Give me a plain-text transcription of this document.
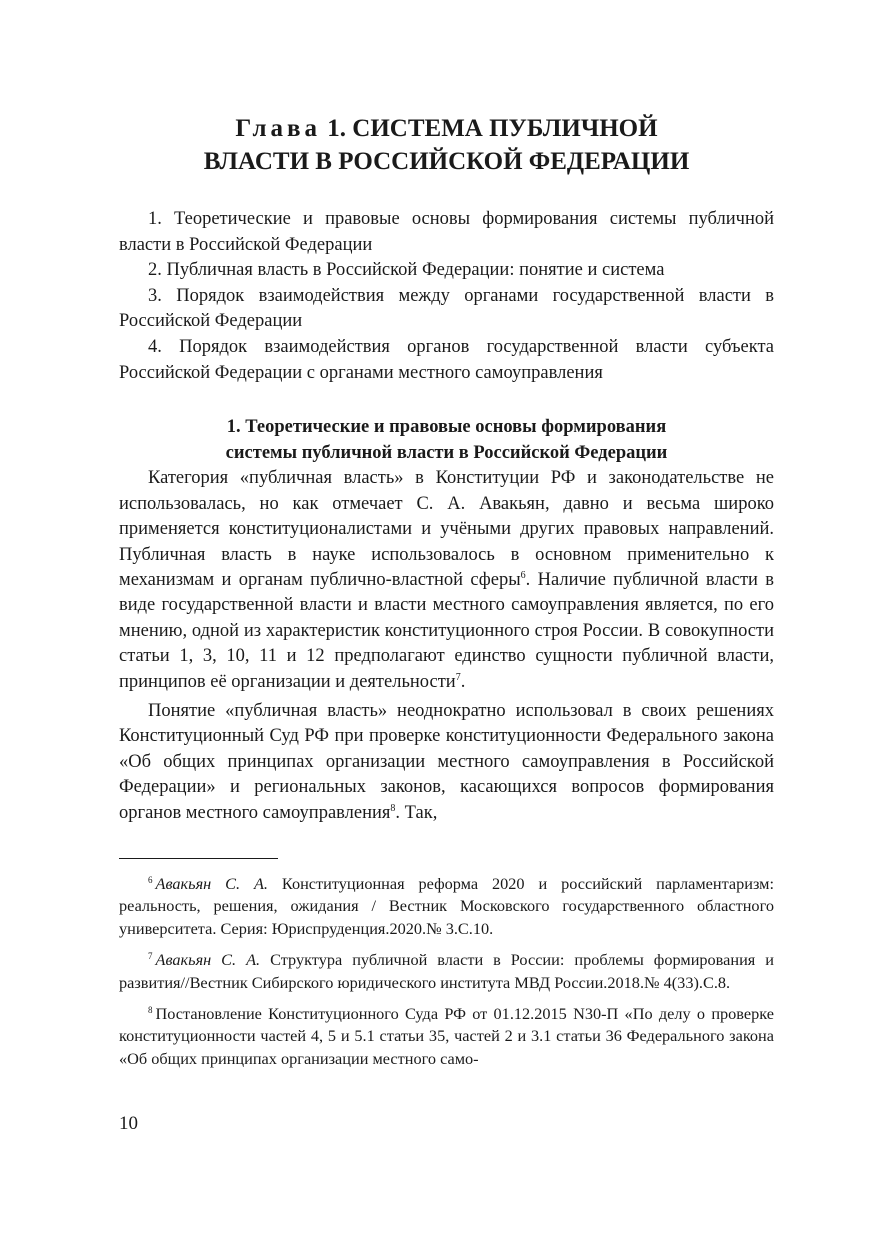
Глава 1. СИСТЕМА ПУБЛИЧНОЙ
ВЛАСТИ В РОССИЙСКОЙ ФЕДЕРАЦИИ

1. Теоретические и правовые основы формирования системы публичной власти в Российской Федерации

2. Публичная власть в Российской Федерации: понятие и система

3. Порядок взаимодействия между органами государственной власти в Российской Федерации

4. Порядок взаимодействия органов государственной власти субъекта Российской Федерации с органами местного самоуправления

1. Теоретические и правовые основы формирования
системы публичной власти в Российской Федерации

Категория «публичная власть» в Конституции РФ и законодательстве не использовалась, но как отмечает С. А. Авакьян, давно и весьма широко применяется конституционалистами и учёными других правовых направлений. Публичная власть в науке использовалось в основном применительно к механизмам и органам публично-властной сферы$^6$. Наличие публичной власти в виде государственной власти и власти местного самоуправления является, по его мнению, одной из характеристик конституционного строя России. В совокупности статьи 1, 3, 10, 11 и 12 предполагают единство сущности публичной власти, принципов её организации и деятельности$^7$.

Понятие «публичная власть» неоднократно использовал в своих решениях Конституционный Суд РФ при проверке конституционности Федерального закона «Об общих принципах организации местного самоуправления в Российской Федерации» и региональных законов, касающихся вопросов формирования органов местного самоуправления$^8$. Так,

$^6$ Авакьян С. А. Конституционная реформа 2020 и российский парламентаризм: реальность, решения, ожидания / Вестник Московского государственного областного университета. Серия: Юриспруденция.2020.№ 3.С.10.

$^7$ Авакьян С. А. Структура публичной власти в России: проблемы формирования и развития//Вестник Сибирского юридического института МВД России.2018.№ 4(33).С.8.

$^8$ Постановление Конституционного Суда РФ от 01.12.2015 N30-П «По делу о проверке конституционности частей 4, 5 и 5.1 статьи 35, частей 2 и 3.1 статьи 36 Федерального закона «Об общих принципах организации местного само-

10
